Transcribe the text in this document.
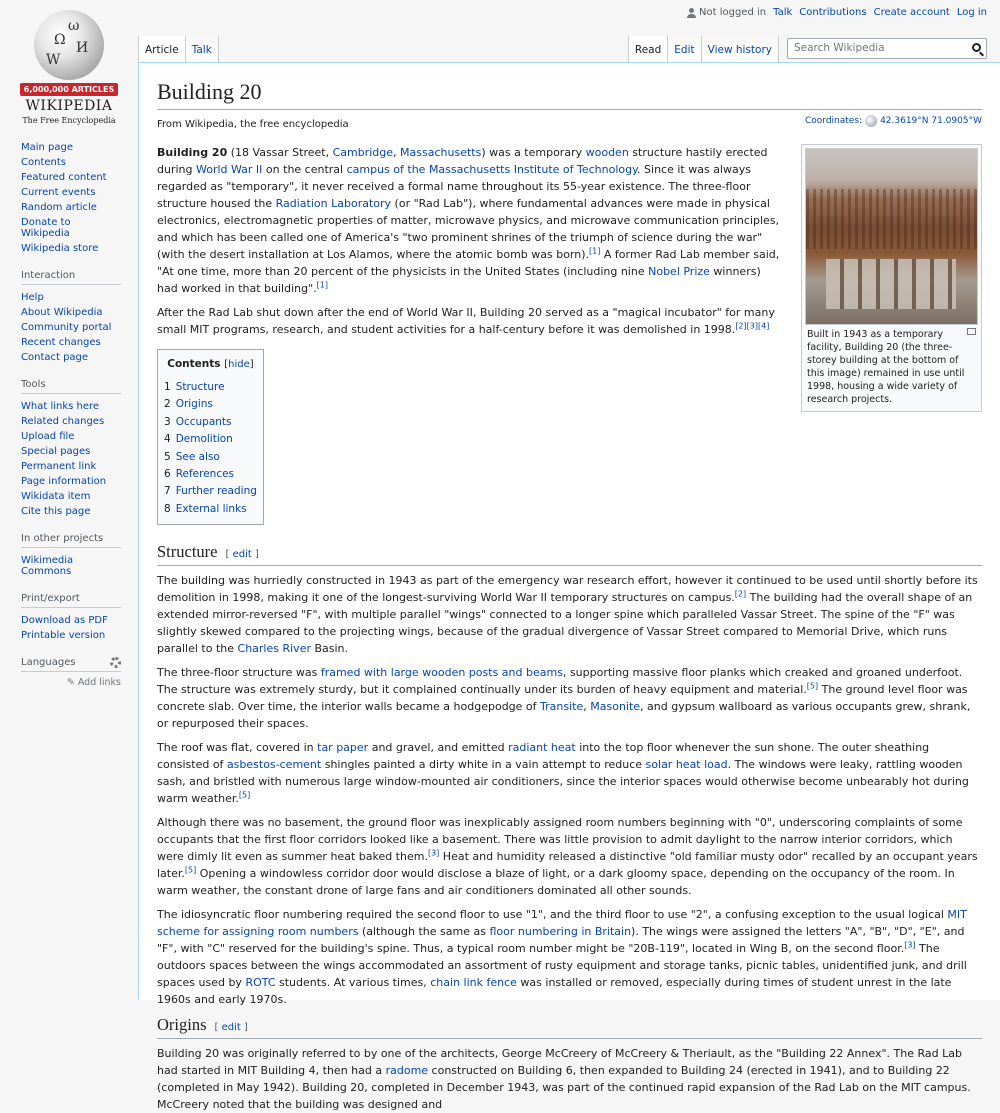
Not logged in Talk Contributions Create account Log in
Ω И
W
ω
6,000,000 ARTICLES
WIKIPEDIA
The Free Encyclopedia
Article	Talk	Read	Edit	View history	Search Wikipedia
Main page
Contents
Featured content
Current events
Random article
Donate to Wikipedia
Wikipedia store
Interaction
Help
About Wikipedia
Community portal
Recent changes
Contact page
Tools
What links here
Related changes
Upload file
Special pages
Permanent link
Page information
Wikidata item
Cite this page
In other projects
Wikimedia Commons
Print/export
Download as PDF
Printable version
Languages
✎ Add links
Building 20
Coordinates: 42.3619°N 71.0905°W
From Wikipedia, the free encyclopedia
Built in 1943 as a temporary facility, Building 20 (the three-storey building at the bottom of this image) remained in use until 1998, housing a wide variety of research projects.

Building 20 (18 Vassar Street, Cambridge, Massachusetts) was a temporary wooden structure hastily erected during World War II on the central campus of the Massachusetts Institute of Technology. Since it was always regarded as "temporary", it never received a formal name throughout its 55-year existence. The three-floor structure housed the Radiation Laboratory (or "Rad Lab"), where fundamental advances were made in physical electronics, electromagnetic properties of matter, microwave physics, and microwave communication principles, and which has been called one of America's "two prominent shrines of the triumph of science during the war" (with the desert installation at Los Alamos, where the atomic bomb was born).[1] A former Rad Lab member said, "At one time, more than 20 percent of the physicists in the United States (including nine Nobel Prize winners) had worked in that building".[1]

After the Rad Lab shut down after the end of World War II, Building 20 served as a "magical incubator" for many small MIT programs, research, and student activities for a half-century before it was demolished in 1998.[2][3][4]

Contents [hide]
1 Structure
2 Origins
3 Occupants
4 Demolition
5 See also
6 References
7 Further reading
8 External links
Structure [ edit ]

The building was hurriedly constructed in 1943 as part of the emergency war research effort, however it continued to be used until shortly before its demolition in 1998, making it one of the longest-surviving World War II temporary structures on campus.[2] The building had the overall shape of an extended mirror-reversed "F", with multiple parallel "wings" connected to a longer spine which paralleled Vassar Street. The spine of the "F" was slightly skewed compared to the projecting wings, because of the gradual divergence of Vassar Street compared to Memorial Drive, which runs parallel to the Charles River Basin.

The three-floor structure was framed with large wooden posts and beams, supporting massive floor planks which creaked and groaned underfoot. The structure was extremely sturdy, but it complained continually under its burden of heavy equipment and material.[5] The ground level floor was concrete slab. Over time, the interior walls became a hodgepodge of Transite, Masonite, and gypsum wallboard as various occupants grew, shrank, or repurposed their spaces.

The roof was flat, covered in tar paper and gravel, and emitted radiant heat into the top floor whenever the sun shone. The outer sheathing consisted of asbestos-cement shingles painted a dirty white in a vain attempt to reduce solar heat load. The windows were leaky, rattling wooden sash, and bristled with numerous large window-mounted air conditioners, since the interior spaces would otherwise become unbearably hot during warm weather.[5]

Although there was no basement, the ground floor was inexplicably assigned room numbers beginning with "0", underscoring complaints of some occupants that the first floor corridors looked like a basement. There was little provision to admit daylight to the narrow interior corridors, which were dimly lit even as summer heat baked them.[3] Heat and humidity released a distinctive "old familiar musty odor" recalled by an occupant years later.[5] Opening a windowless corridor door would disclose a blaze of light, or a dark gloomy space, depending on the occupancy of the room. In warm weather, the constant drone of large fans and air conditioners dominated all other sounds.

The idiosyncratic floor numbering required the second floor to use "1", and the third floor to use "2", a confusing exception to the usual logical MIT scheme for assigning room numbers (although the same as floor numbering in Britain). The wings were assigned the letters "A", "B", "D", "E", and "F", with "C" reserved for the building's spine. Thus, a typical room number might be "20B-119", located in Wing B, on the second floor.[3] The outdoors spaces between the wings accommodated an assortment of rusty equipment and storage tanks, picnic tables, unidentified junk, and drill spaces used by ROTC students. At various times, chain link fence was installed or removed, especially during times of student unrest in the late 1960s and early 1970s.

Origins [ edit ]

Building 20 was originally referred to by one of the architects, George McCreery of McCreery & Theriault, as the "Building 22 Annex". The Rad Lab had started in MIT Building 4, then had a radome constructed on Building 6, then expanded to Building 24 (erected in 1941), and to Building 22 (completed in May 1942). Building 20, completed in December 1943, was part of the continued rapid expansion of the Rad Lab on the MIT campus. McCreery noted that the building was designed and
